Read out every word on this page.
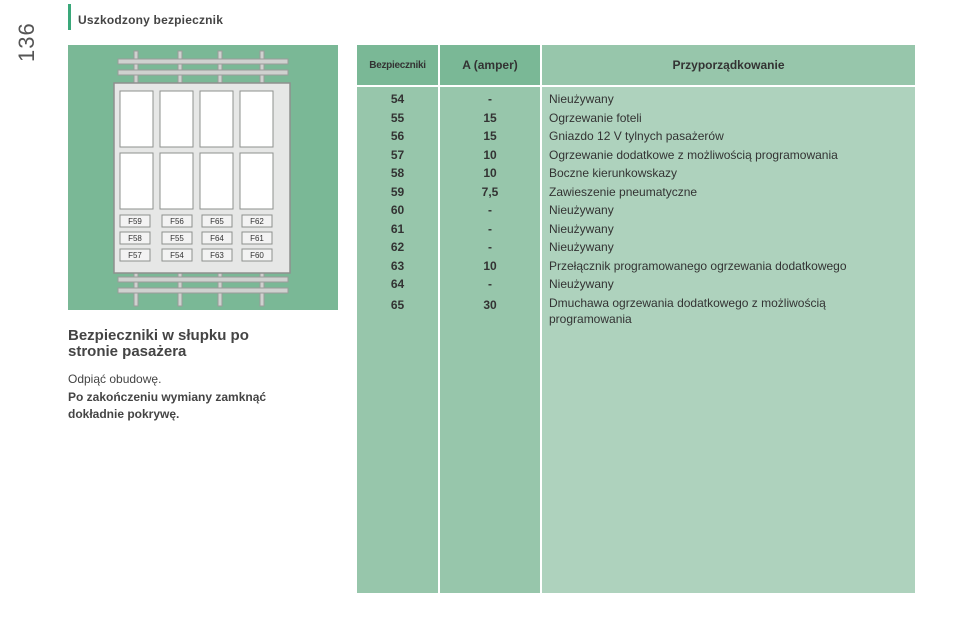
Uszkodzony bezpiecznik
136
F59	F56	F65	F62
F58	F55	F64	F61
F57	F54	F63	F60
Bezpieczniki w słupku po
stronie pasażera
Odpiąć obudowę.
Po zakończeniu wymiany zamknąć
dokładnie pokrywę.
Bezpieczniki	A (amper)	Przyporządkowanie
54	-	Nieużywany
55	15	Ogrzewanie foteli
56	15	Gniazdo 12 V tylnych pasażerów
57	10	Ogrzewanie dodatkowe z możliwością programowania
58	10	Boczne kierunkowskazy
59	7,5	Zawieszenie pneumatyczne
60	-	Nieużywany
61	-	Nieużywany
62	-	Nieużywany
63	10	Przełącznik programowanego ogrzewania dodatkowego
64	-	Nieużywany
65	30	Dmuchawa ogrzewania dodatkowego z możliwością
programowania
